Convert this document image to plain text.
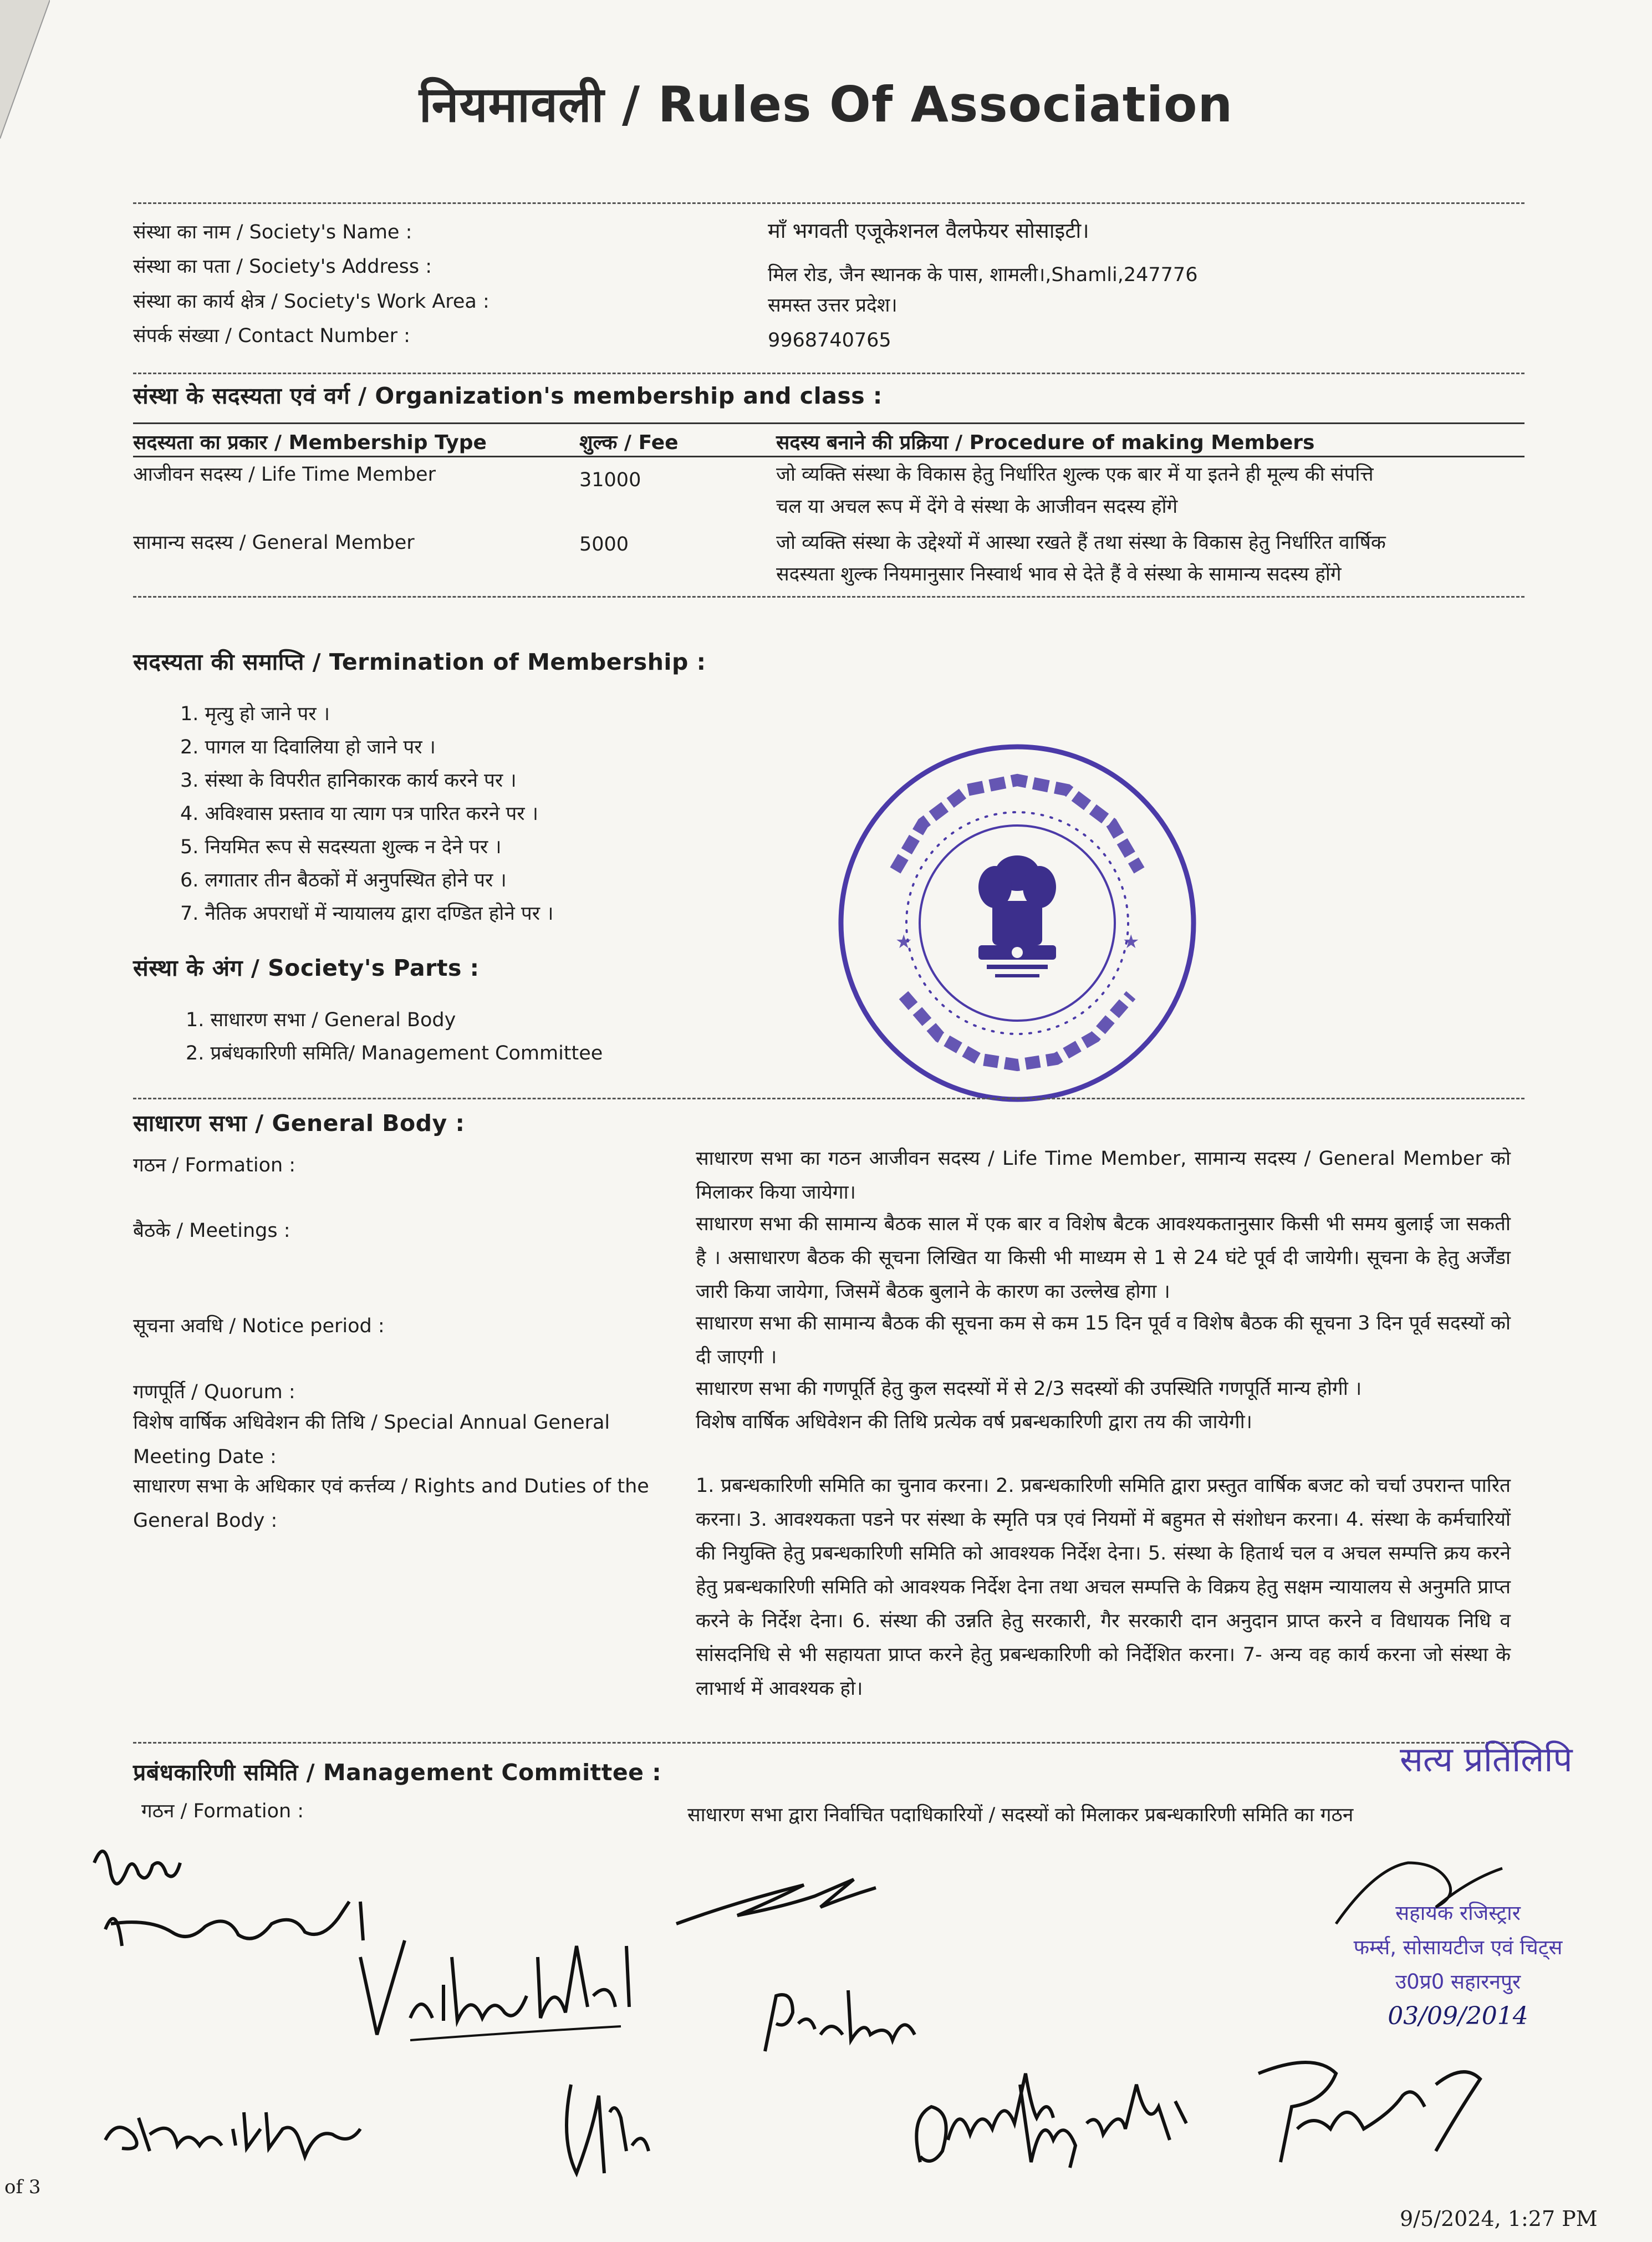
नियमावली / Rules Of Association
संस्था का नाम / Society's Name :	माँ भगवती एजूकेशनल वैलफेयर सोसाइटी।
संस्था का पता / Society's Address :	मिल रोड, जैन स्थानक के पास, शामली।,Shamli,247776
संस्था का कार्य क्षेत्र / Society's Work Area :	समस्त उत्तर प्रदेश।
संपर्क संख्या / Contact Number :	9968740765
संस्था के सदस्यता एवं वर्ग / Organization's membership and class :
सदस्यता का प्रकार / Membership Type	शुल्क / Fee	सदस्य बनाने की प्रक्रिया / Procedure of making Members
आजीवन सदस्य / Life Time Member	31000	जो व्यक्ति संस्था के विकास हेतु निर्धारित शुल्क एक बार में या इतने ही मूल्य की संपत्ति
चल या अचल रूप में देंगे वे संस्था के आजीवन सदस्य होंगे
सामान्य सदस्य / General Member	5000	जो व्यक्ति संस्था के उद्देश्यों में आस्था रखते हैं तथा संस्था के विकास हेतु निर्धारित वार्षिक
सदस्यता शुल्क नियमानुसार निस्वार्थ भाव से देते हैं वे संस्था के सामान्य सदस्य होंगे
सदस्यता की समाप्ति / Termination of Membership :
1. मृत्यु हो जाने पर ।
2. पागल या दिवालिया हो जाने पर ।
3. संस्था के विपरीत हानिकारक कार्य करने पर ।
4. अविश्वास प्रस्ताव या त्याग पत्र पारित करने पर ।
5. नियमित रूप से सदस्यता शुल्क न देने पर ।
6. लगातार तीन बैठकों में अनुपस्थित होने पर ।
7. नैतिक अपराधों में न्यायालय द्वारा दण्डित होने पर ।
संस्था के अंग / Society's Parts :
1. साधारण सभा / General Body
2. प्रबंधकारिणी समिति/ Management Committee
★	★
साधारण सभा / General Body :
गठन / Formation :	साधारण सभा का गठन आजीवन सदस्य / Life Time Member, सामान्य सदस्य / General Member को मिलाकर किया जायेगा।
बैठके / Meetings :	साधारण सभा की सामान्य बैठक साल में एक बार व विशेष बैटक आवश्यकतानुसार किसी भी समय बुलाई जा सकती है । असाधारण बैठक की सूचना लिखित या किसी भी माध्यम से 1 से 24 घंटे पूर्व दी जायेगी। सूचना के हेतु अर्जेंडा जारी किया जायेगा, जिसमें बैठक बुलाने के कारण का उल्लेख होगा ।
सूचना अवधि / Notice period :	साधारण सभा की सामान्य बैठक की सूचना कम से कम 15 दिन पूर्व व विशेष बैठक की सूचना 3 दिन पूर्व सदस्यों को दी जाएगी ।
गणपूर्ति / Quorum :	साधारण सभा की गणपूर्ति हेतु कुल सदस्यों में से 2/3 सदस्यों की उपस्थिति गणपूर्ति मान्य होगी ।
विशेष वार्षिक अधिवेशन की तिथि / Special Annual General Meeting Date :
विशेष वार्षिक अधिवेशन की तिथि प्रत्येक वर्ष प्रबन्धकारिणी द्वारा तय की जायेगी।
साधारण सभा के अधिकार एवं कर्त्तव्य / Rights and Duties of the General Body :
1. प्रबन्धकारिणी समिति का चुनाव करना। 2. प्रबन्धकारिणी समिति द्वारा प्रस्तुत वार्षिक बजट को चर्चा उपरान्त पारित करना। 3. आवश्यकता पडने पर संस्था के स्मृति पत्र एवं नियमों में बहुमत से संशोधन करना। 4. संस्था के कर्मचारियों की नियुक्ति हेतु प्रबन्धकारिणी समिति को आवश्यक निर्देश देना। 5. संस्था के हितार्थ चल व अचल सम्पत्ति क्रय करने हेतु प्रबन्धकारिणी समिति को आवश्यक निर्देश देना तथा अचल सम्पत्ति के विक्रय हेतु सक्षम न्यायालय से अनुमति प्राप्त करने के निर्देश देना। 6. संस्था की उन्नति हेतु सरकारी, गैर सरकारी दान अनुदान प्राप्त करने व विधायक निधि व सांसदनिधि से भी सहायता प्राप्त करने हेतु प्रबन्धकारिणी को निर्देशित करना। 7- अन्य वह कार्य करना जो संस्था के लाभार्थ में आवश्यक हो।
प्रबंधकारिणी समिति / Management Committee :	सत्य प्रतिलिपि
गठन / Formation :	साधारण सभा द्वारा निर्वाचित पदाधिकारियों / सदस्यों को मिलाकर प्रबन्धकारिणी समिति का गठन
सहायक रजिस्ट्रार
फर्म्स, सोसायटीज एवं चिट्स
उ0प्र0 सहारनपुर
03/09/2014
of 3
9/5/2024, 1:27 PM
